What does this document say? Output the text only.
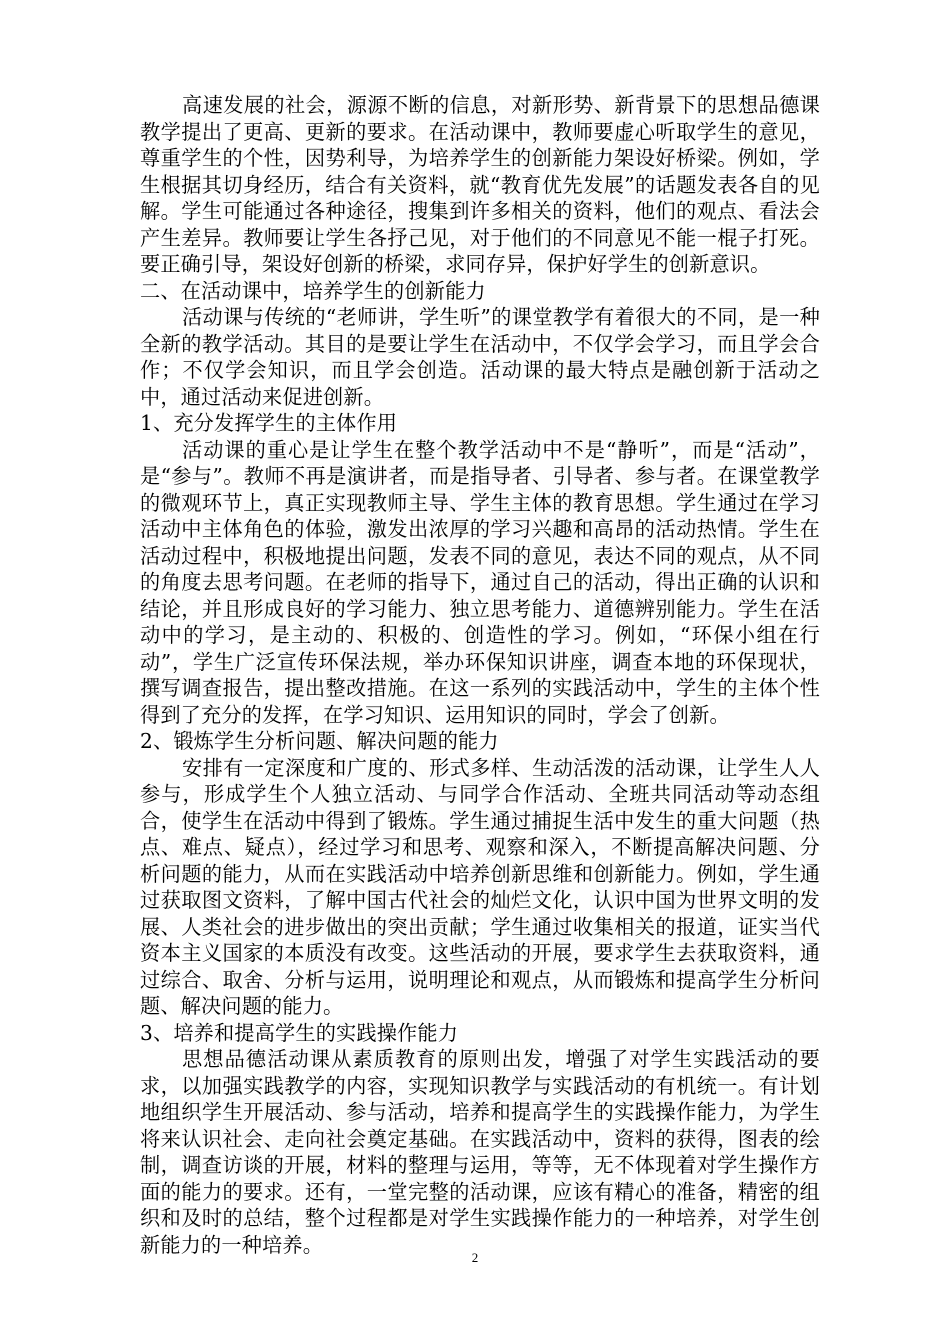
高速发展的社会，源源不断的信息，对新形势、新背景下的思想品德课教学提出了更高、更新的要求。在活动课中，教师要虚心听取学生的意见，尊重学生的个性，因势利导，为培养学生的创新能力架设好桥梁。例如，学生根据其切身经历，结合有关资料，就“教育优先发展”的话题发表各自的见解。学生可能通过各种途径，搜集到许多相关的资料，他们的观点、看法会产生差异。教师要让学生各抒己见，对于他们的不同意见不能一棍子打死。要正确引导，架设好创新的桥梁，求同存异，保护好学生的创新意识。

二、在活动课中，培养学生的创新能力

活动课与传统的“老师讲，学生听”的课堂教学有着很大的不同，是一种全新的教学活动。其目的是要让学生在活动中，不仅学会学习，而且学会合作；不仅学会知识，而且学会创造。活动课的最大特点是融创新于活动之中，通过活动来促进创新。

1、充分发挥学生的主体作用

活动课的重心是让学生在整个教学活动中不是“静听”，而是“活动”，是“参与”。教师不再是演讲者，而是指导者、引导者、参与者。在课堂教学的微观环节上，真正实现教师主导、学生主体的教育思想。学生通过在学习活动中主体角色的体验，激发出浓厚的学习兴趣和高昂的活动热情。学生在活动过程中，积极地提出问题，发表不同的意见，表达不同的观点，从不同的角度去思考问题。在老师的指导下，通过自己的活动，得出正确的认识和结论，并且形成良好的学习能力、独立思考能力、道德辨别能力。学生在活动中的学习，是主动的、积极的、创造性的学习。例如，“环保小组在行动”，学生广泛宣传环保法规，举办环保知识讲座，调查本地的环保现状，撰写调查报告，提出整改措施。在这一系列的实践活动中，学生的主体个性得到了充分的发挥，在学习知识、运用知识的同时，学会了创新。

2、锻炼学生分析问题、解决问题的能力

安排有一定深度和广度的、形式多样、生动活泼的活动课，让学生人人参与，形成学生个人独立活动、与同学合作活动、全班共同活动等动态组合，使学生在活动中得到了锻炼。学生通过捕捉生活中发生的重大问题（热点、难点、疑点），经过学习和思考、观察和深入，不断提高解决问题、分析问题的能力，从而在实践活动中培养创新思维和创新能力。例如，学生通过获取图文资料，了解中国古代社会的灿烂文化，认识中国为世界文明的发展、人类社会的进步做出的突出贡献；学生通过收集相关的报道，证实当代资本主义国家的本质没有改变。这些活动的开展，要求学生去获取资料，通过综合、取舍、分析与运用，说明理论和观点，从而锻炼和提高学生分析问题、解决问题的能力。

3、培养和提高学生的实践操作能力

思想品德活动课从素质教育的原则出发，增强了对学生实践活动的要求，以加强实践教学的内容，实现知识教学与实践活动的有机统一。有计划地组织学生开展活动、参与活动，培养和提高学生的实践操作能力，为学生将来认识社会、走向社会奠定基础。在实践活动中，资料的获得，图表的绘制，调查访谈的开展，材料的整理与运用，等等，无不体现着对学生操作方面的能力的要求。还有，一堂完整的活动课，应该有精心的准备，精密的组织和及时的总结，整个过程都是对学生实践操作能力的一种培养，对学生创新能力的一种培养。

2
